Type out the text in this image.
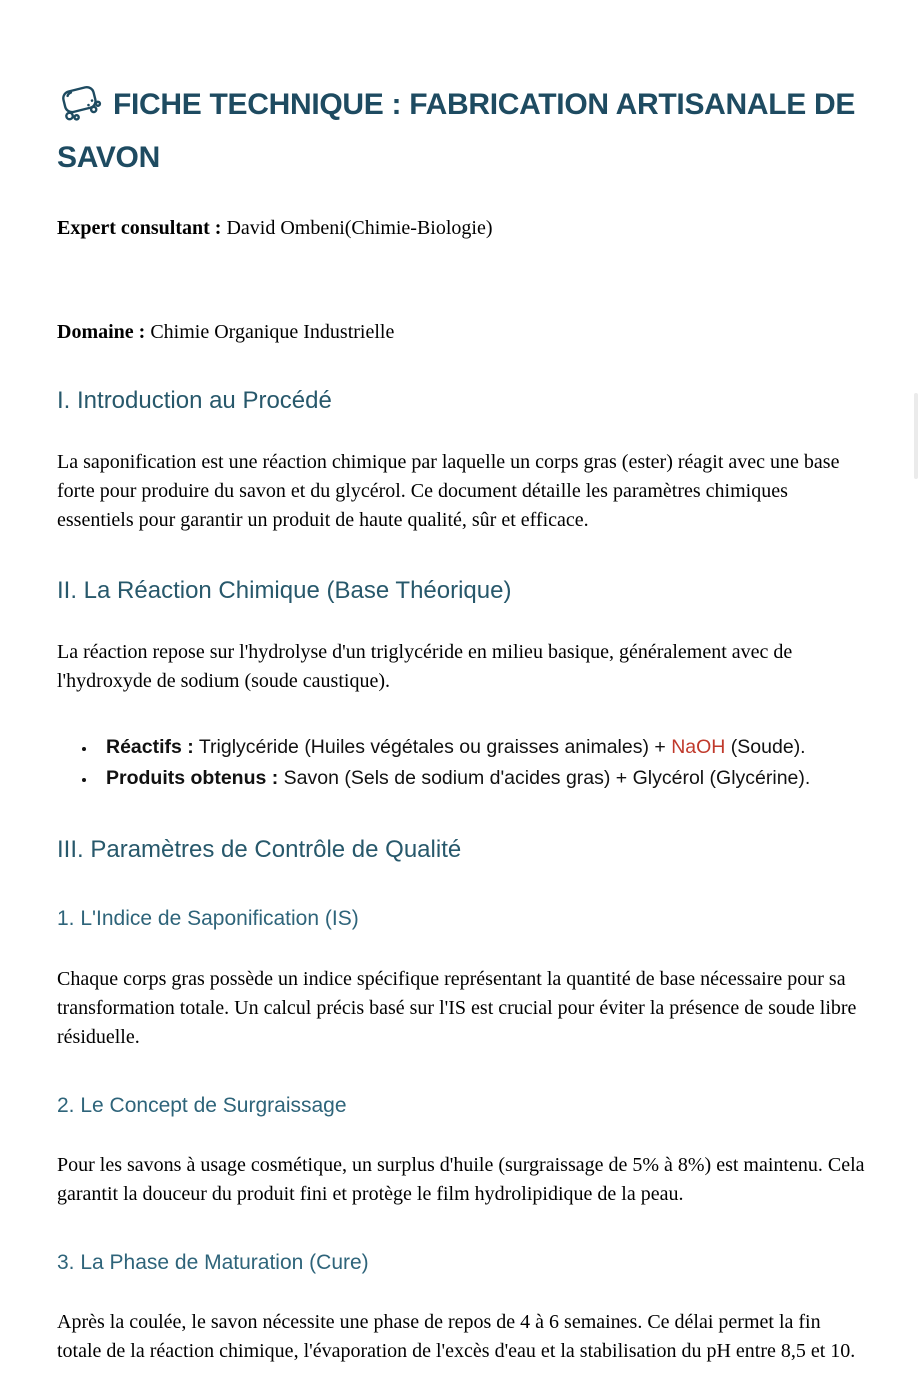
FICHE TECHNIQUE : FABRICATION ARTISANALE DE SAVON

Expert consultant : David Ombeni(Chimie-Biologie)

Domaine : Chimie Organique Industrielle

I. Introduction au Procédé

La saponification est une réaction chimique par laquelle un corps gras (ester) réagit avec une base forte pour produire du savon et du glycérol. Ce document détaille les paramètres chimiques essentiels pour garantir un produit de haute qualité, sûr et efficace.

II. La Réaction Chimique (Base Théorique)

La réaction repose sur l'hydrolyse d'un triglycéride en milieu basique, généralement avec de l'hydroxyde de sodium (soude caustique).

• Réactifs : Triglycéride (Huiles végétales ou graisses animales) + NaOH (Soude).
• Produits obtenus : Savon (Sels de sodium d'acides gras) + Glycérol (Glycérine).
III. Paramètres de Contrôle de Qualité
1. L'Indice de Saponification (IS)

Chaque corps gras possède un indice spécifique représentant la quantité de base nécessaire pour sa transformation totale. Un calcul précis basé sur l'IS est crucial pour éviter la présence de soude libre résiduelle.

2. Le Concept de Surgraissage

Pour les savons à usage cosmétique, un surplus d'huile (surgraissage de 5% à 8%) est maintenu. Cela garantit la douceur du produit fini et protège le film hydrolipidique de la peau.

3. La Phase de Maturation (Cure)

Après la coulée, le savon nécessite une phase de repos de 4 à 6 semaines. Ce délai permet la fin totale de la réaction chimique, l'évaporation de l'excès d'eau et la stabilisation du pH entre 8,5 et 10.
